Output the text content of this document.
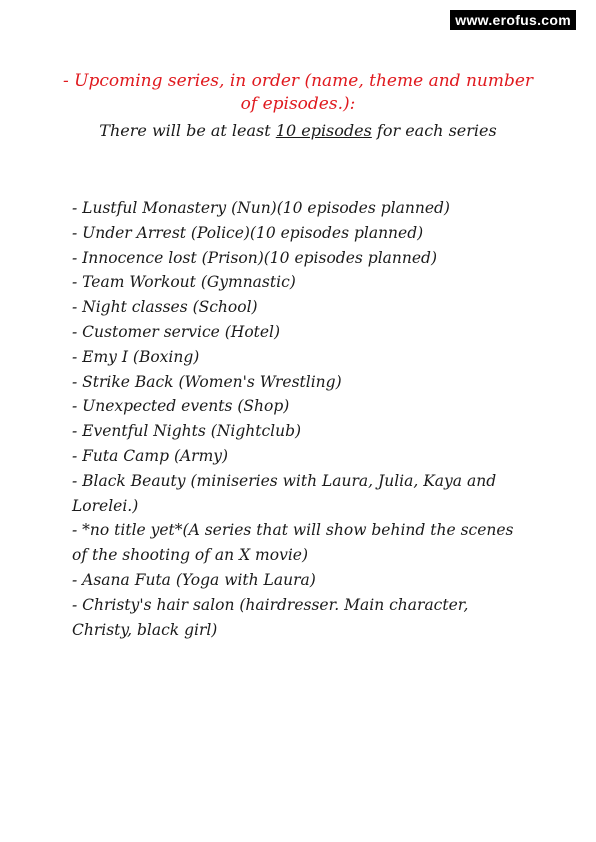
www.erofus.com
- Upcoming series, in order (name, theme and number of episodes.):
There will be at least 10 episodes for each series
- Lustful Monastery (Nun)(10 episodes planned)
- Under Arrest (Police)(10 episodes planned)
- Innocence lost (Prison)(10 episodes planned)
- Team Workout (Gymnastic)
- Night classes (School)
- Customer service (Hotel)
- Emy I (Boxing)
- Strike Back (Women's Wrestling)
- Unexpected events (Shop)
- Eventful Nights (Nightclub)
- Futa Camp (Army)
- Black Beauty (miniseries with Laura, Julia, Kaya and Lorelei.)
- *no title yet*(A series that will show behind the scenes of the shooting of an X movie)
- Asana Futa (Yoga with Laura)
- Christy's hair salon (hairdresser. Main character, Christy, black girl)
